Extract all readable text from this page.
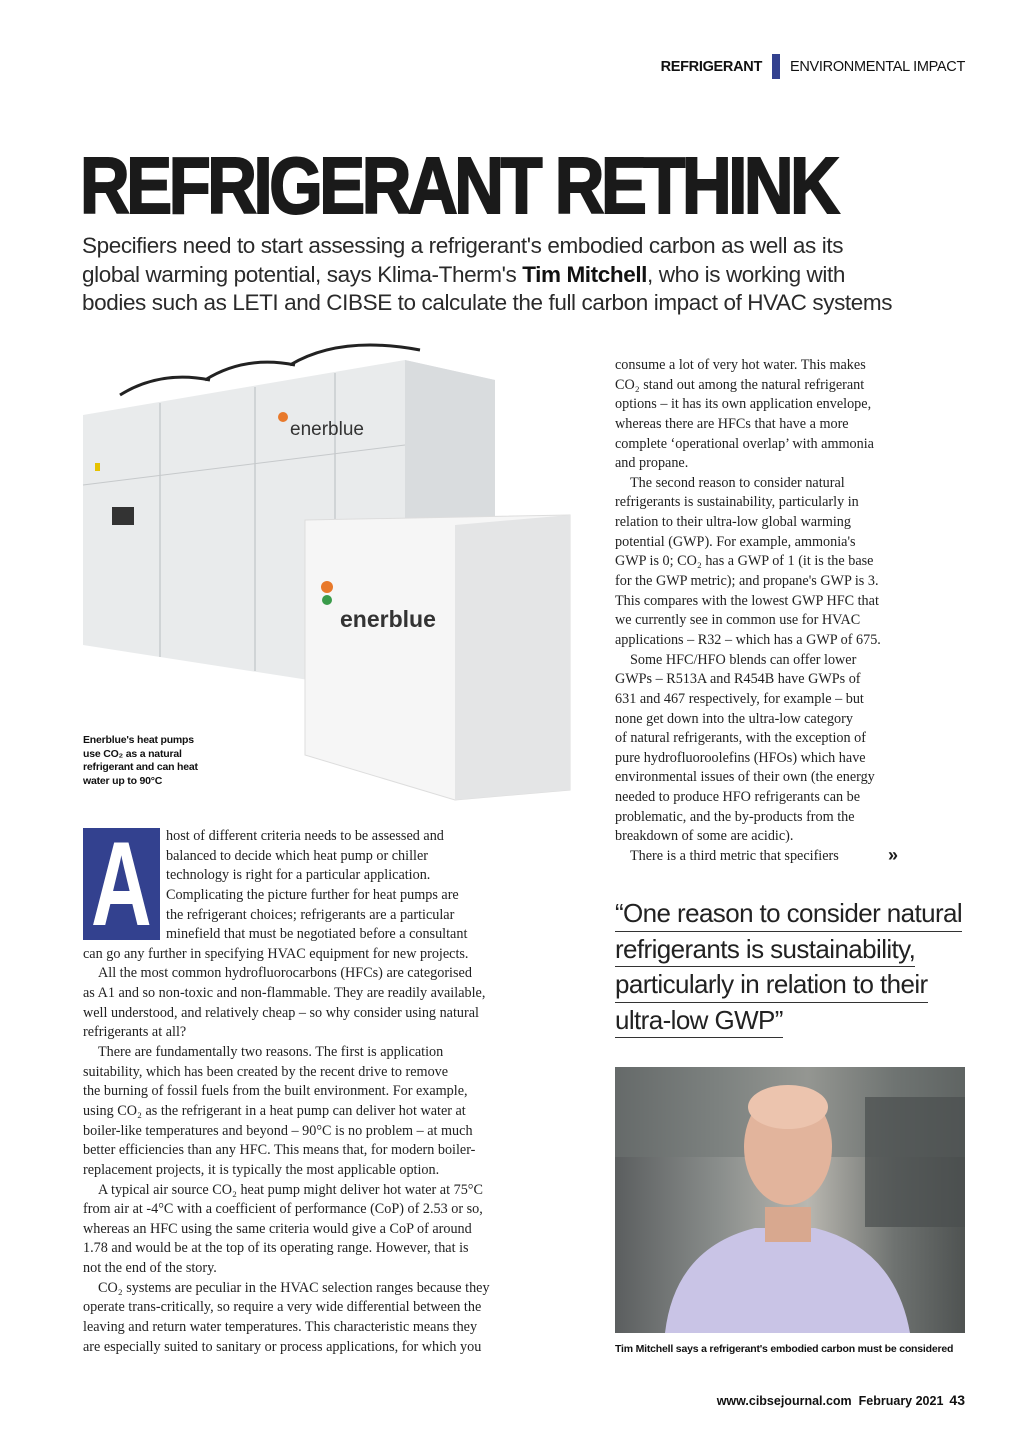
REFRIGERANT ENVIRONMENTAL IMPACT
REFRIGERANT RETHINK
Specifiers need to start assessing a refrigerant's embodied carbon as well as its global warming potential, says Klima-Therm's Tim Mitchell, who is working with bodies such as LETI and CIBSE to calculate the full carbon impact of HVAC systems
enerblue
enerblue
Enerblue's heat pumps use CO₂ as a natural refrigerant and can heat water up to 90°C
A host of different criteria needs to be assessed and
balanced to decide which heat pump or chiller
technology is right for a particular application.
Complicating the picture further for heat pumps are
the refrigerant choices; refrigerants are a particular
minefield that must be negotiated before a consultant
can go any further in specifying HVAC equipment for new projects.
All the most common hydrofluorocarbons (HFCs) are categorised
as A1 and so non-toxic and non-flammable. They are readily available,
well understood, and relatively cheap – so why consider using natural
refrigerants at all?
There are fundamentally two reasons. The first is application
suitability, which has been created by the recent drive to remove
the burning of fossil fuels from the built environment. For example,
using CO₂ as the refrigerant in a heat pump can deliver hot water at
boiler-like temperatures and beyond – 90°C is no problem – at much
better efficiencies than any HFC. This means that, for modern boiler-
replacement projects, it is typically the most applicable option.
A typical air source CO₂ heat pump might deliver hot water at 75°C
from air at -4°C with a coefficient of performance (CoP) of 2.53 or so,
whereas an HFC using the same criteria would give a CoP of around
1.78 and would be at the top of its operating range. However, that is
not the end of the story.
CO₂ systems are peculiar in the HVAC selection ranges because they
operate trans-critically, so require a very wide differential between the
leaving and return water temperatures. This characteristic means they
are especially suited to sanitary or process applications, for which you
consume a lot of very hot water. This makes
CO₂ stand out among the natural refrigerant
options – it has its own application envelope,
whereas there are HFCs that have a more
complete ‘operational overlap’ with ammonia
and propane.
The second reason to consider natural
refrigerants is sustainability, particularly in
relation to their ultra-low global warming
potential (GWP). For example, ammonia's
GWP is 0; CO₂ has a GWP of 1 (it is the base
for the GWP metric); and propane's GWP is 3.
This compares with the lowest GWP HFC that
we currently see in common use for HVAC
applications – R32 – which has a GWP of 675.
Some HFC/HFO blends can offer lower
GWPs – R513A and R454B have GWPs of
631 and 467 respectively, for example – but
none get down into the ultra-low category
of natural refrigerants, with the exception of
pure hydrofluoroolefins (HFOs) which have
environmental issues of their own (the energy
needed to produce HFO refrigerants can be
problematic, and the by-products from the
breakdown of some are acidic).
There is a third metric that specifiers	»
“One reason to consider natural
refrigerants is sustainability,
particularly in relation to their
ultra-low GWP”
Tim Mitchell says a refrigerant's embodied carbon must be considered
www.cibsejournal.com February 2021 43
